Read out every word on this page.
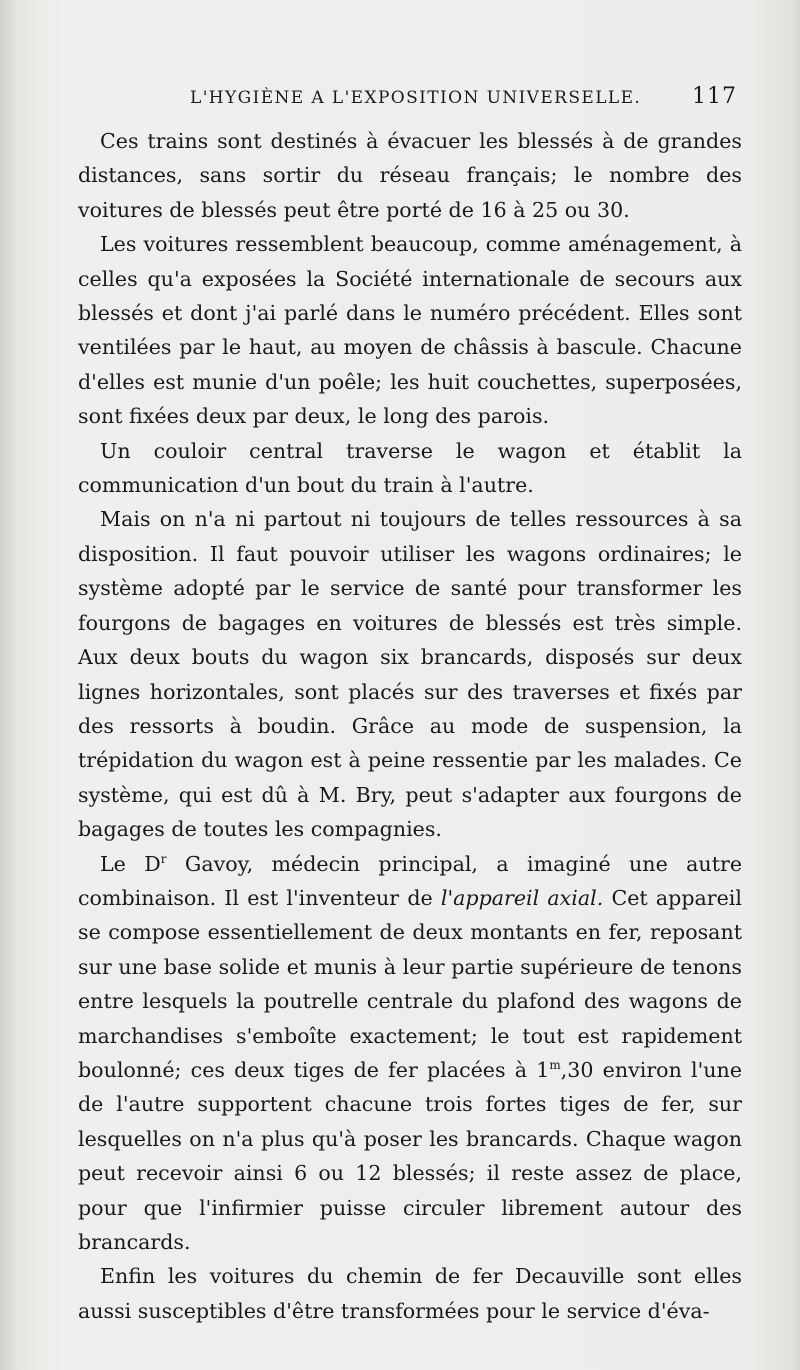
L'HYGIÈNE A L'EXPOSITION UNIVERSELLE. 117

Ces trains sont destinés à évacuer les blessés à de grandes distances, sans sortir du réseau français; le nombre des voitures de blessés peut être porté de 16 à 25 ou 30.

Les voitures ressemblent beaucoup, comme aménagement, à celles qu'a exposées la Société internationale de secours aux blessés et dont j'ai parlé dans le numéro précédent. Elles sont ventilées par le haut, au moyen de châssis à bascule. Chacune d'elles est munie d'un poêle; les huit couchettes, superposées, sont fixées deux par deux, le long des parois.

Un couloir central traverse le wagon et établit la communication d'un bout du train à l'autre.

Mais on n'a ni partout ni toujours de telles ressources à sa disposition. Il faut pouvoir utiliser les wagons ordinaires; le système adopté par le service de santé pour transformer les fourgons de bagages en voitures de blessés est très simple. Aux deux bouts du wagon six brancards, disposés sur deux lignes horizontales, sont placés sur des traverses et fixés par des ressorts à boudin. Grâce au mode de suspension, la trépidation du wagon est à peine ressentie par les malades. Ce système, qui est dû à M. Bry, peut s'adapter aux fourgons de bagages de toutes les compagnies.

Le $D^r$ Gavoy, médecin principal, a imaginé une autre combinaison. Il est l'inventeur de l'appareil axial. Cet appareil se compose essentiellement de deux montants en fer, reposant sur une base solide et munis à leur partie supérieure de tenons entre lesquels la poutrelle centrale du plafond des wagons de marchandises s'emboîte exactement; le tout est rapidement boulonné; ces deux tiges de fer placées à 1$^m$,30 environ l'une de l'autre supportent chacune trois fortes tiges de fer, sur lesquelles on n'a plus qu'à poser les brancards. Chaque wagon peut recevoir ainsi 6 ou 12 blessés; il reste assez de place, pour que l'infirmier puisse circuler librement autour des brancards.

Enfin les voitures du chemin de fer Decauville sont elles aussi susceptibles d'être transformées pour le service d'éva-
